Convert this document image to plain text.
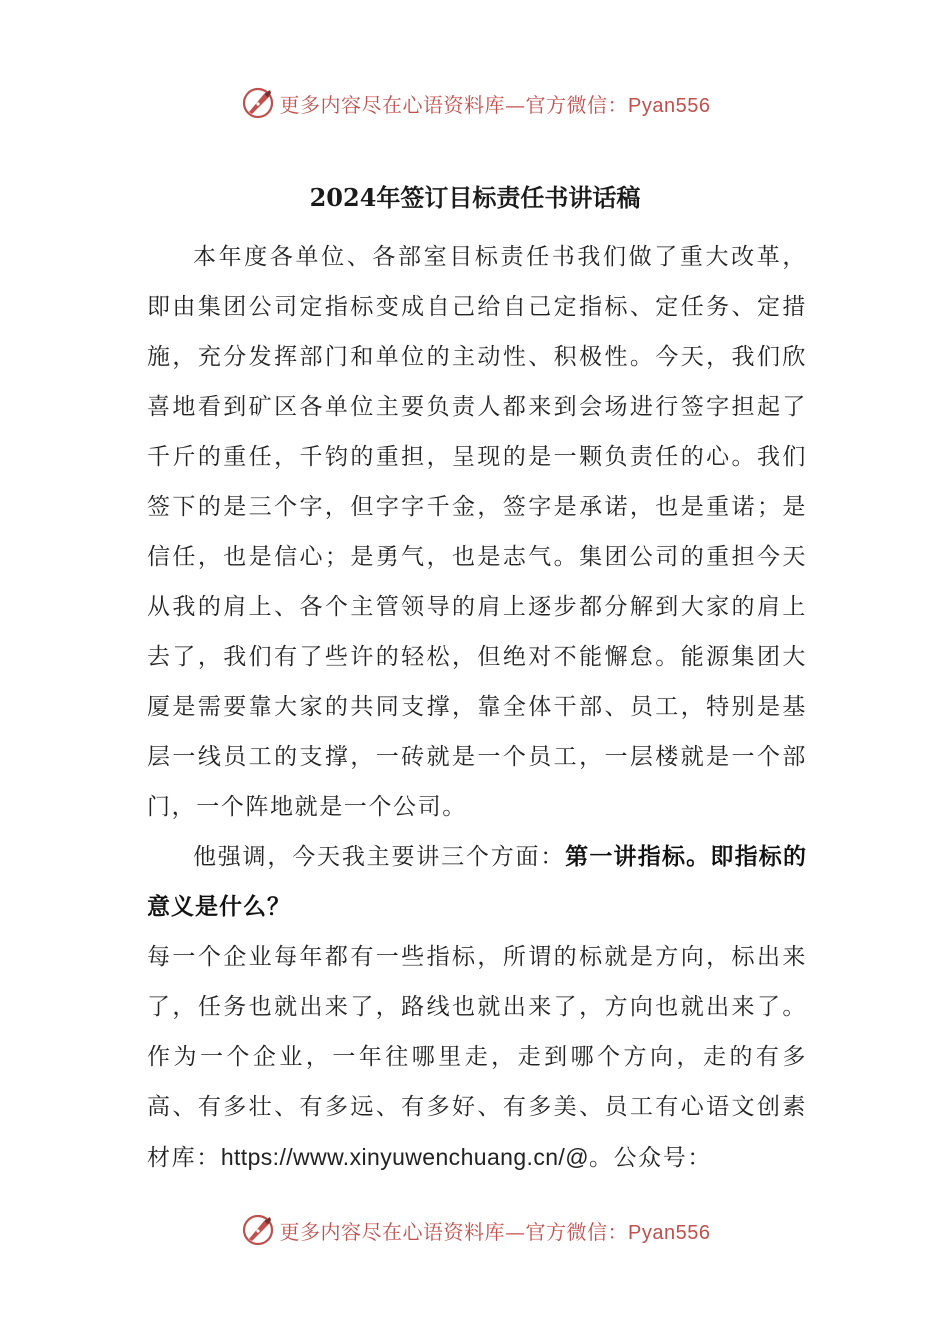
更多内容尽在心语资料库—官方微信：Pyan556
2024年签订目标责任书讲话稿

本年度各单位、各部室目标责任书我们做了重大改革，即由集团公司定指标变成自己给自己定指标、定任务、定措施，充分发挥部门和单位的主动性、积极性。今天，我们欣喜地看到矿区各单位主要负责人都来到会场进行签字担起了千斤的重任，千钧的重担，呈现的是一颗负责任的心。我们签下的是三个字，但字字千金，签字是承诺，也是重诺；是信任，也是信心；是勇气，也是志气。集团公司的重担今天从我的肩上、各个主管领导的肩上逐步都分解到大家的肩上去了，我们有了些许的轻松，但绝对不能懈怠。能源集团大厦是需要靠大家的共同支撑，靠全体干部、员工，特别是基层一线员工的支撑，一砖就是一个员工，一层楼就是一个部门，一个阵地就是一个公司。

他强调，今天我主要讲三个方面：第一讲指标。即指标的意义是什么？

每一个企业每年都有一些指标，所谓的标就是方向，标出来了，任务也就出来了，路线也就出来了，方向也就出来了。作为一个企业，一年往哪里走，走到哪个方向，走的有多高、有多壮、有多远、有多好、有多美、员工有心语文创素材库：https://www.xinyuwenchuang.cn/@。公众号：

更多内容尽在心语资料库—官方微信：Pyan556
